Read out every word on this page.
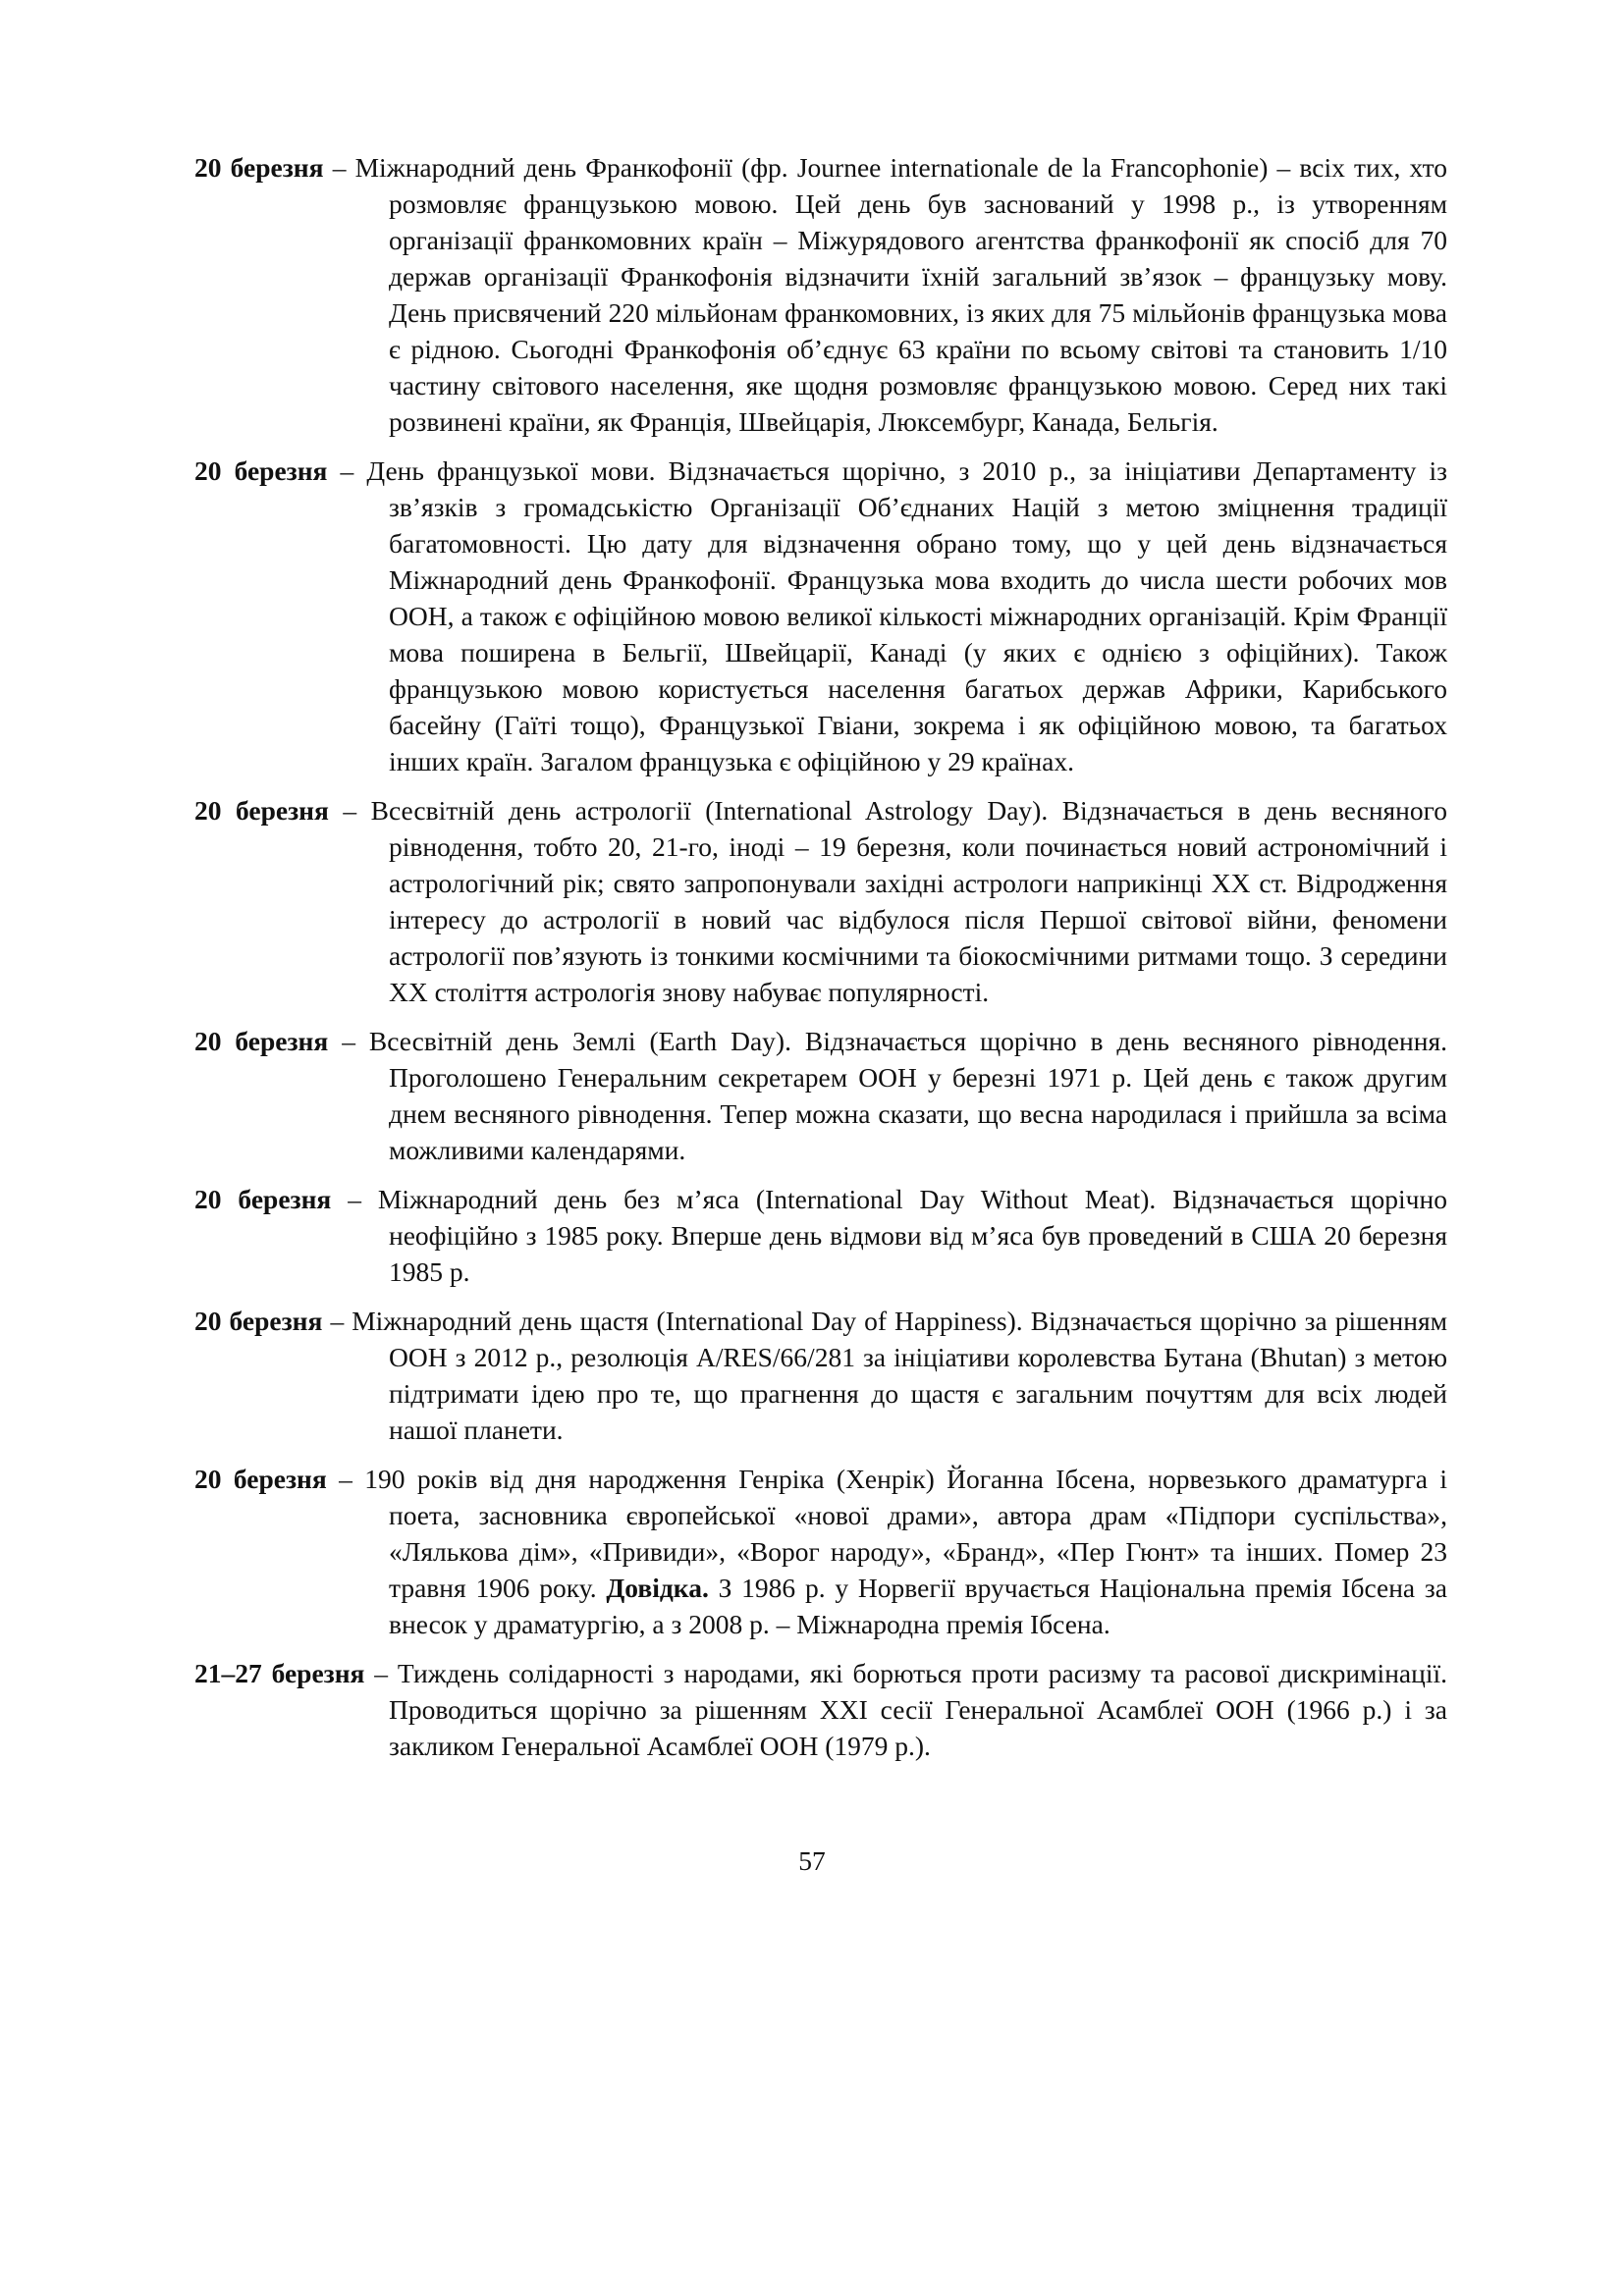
20 березня – Міжнародний день Франкофонії (фр. Journee internationale de la Francophonie) – всіх тих, хто розмовляє французькою мовою. Цей день був заснований у 1998 р., із утворенням організації франкомовних країн – Міжурядового агентства франкофонії як спосіб для 70 держав організації Франкофонія відзначити їхній загальний зв’язок – французьку мову. День присвячений 220 мільйонам франкомовних, із яких для 75 мільйонів французька мова є рідною. Сьогодні Франкофонія об’єднує 63 країни по всьому світові та становить 1/10 частину світового населення, яке щодня розмовляє французькою мовою. Серед них такі розвинені країни, як Франція, Швейцарія, Люксембург, Канада, Бельгія.

20 березня – День французької мови. Відзначається щорічно, з 2010 р., за ініціативи Департаменту із зв’язків з громадськістю Організації Об’єднаних Націй з метою зміцнення традиції багатомовності. Цю дату для відзначення обрано тому, що у цей день відзначається Міжнародний день Франкофонії. Французька мова входить до числа шести робочих мов ООН, а також є офіційною мовою великої кількості міжнародних організацій. Крім Франції мова поширена в Бельгії, Швейцарії, Канаді (у яких є однією з офіційних). Також французькою мовою користується населення багатьох держав Африки, Карибського басейну (Гаїті тощо), Французької Гвіани, зокрема і як офіційною мовою, та багатьох інших країн. Загалом французька є офіційною у 29 країнах.

20 березня – Всесвітній день астрології (International Astrology Day). Відзначається в день весняного рівнодення, тобто 20, 21-го, іноді – 19 березня, коли починається новий астрономічний і астрологічний рік; свято запропонували західні астрологи наприкінці XX ст. Відродження інтересу до астрології в новий час відбулося після Першої світової війни, феномени астрології пов’язують із тонкими космічними та біокосмічними ритмами тощо. З середини XX століття астрологія знову набуває популярності.

20 березня – Всесвітній день Землі (Earth Day). Відзначається щорічно в день весняного рівнодення. Проголошено Генеральним секретарем ООН у березні 1971 р. Цей день є також другим днем весняного рівнодення. Тепер можна сказати, що весна народилася і прийшла за всіма можливими календарями.

20 березня – Міжнародний день без м’яса (International Day Without Meat). Відзначається щорічно неофіційно з 1985 року. Вперше день відмови від м’яса був проведений в США 20 березня 1985 р.

20 березня – Міжнародний день щастя (International Day of Happiness). Відзначається щорічно за рішенням ООН з 2012 р., резолюція A/RES/66/281 за ініціативи королевства Бутана (Bhutan) з метою підтримати ідею про те, що прагнення до щастя є загальним почуттям для всіх людей нашої планети.

20 березня – 190 років від дня народження Генріка (Хенрік) Йоганна Ібсена, норвезького драматурга і поета, засновника європейської «нової драми», автора драм «Підпори суспільства», «Лялькова дім», «Привиди», «Ворог народу», «Бранд», «Пер Гюнт» та інших. Помер 23 травня 1906 року. Довідка. З 1986 р. у Норвегії вручається Національна премія Ібсена за внесок у драматургію, а з 2008 р. – Міжнародна премія Ібсена.

21–27 березня – Тиждень солідарності з народами, які борються проти расизму та расової дискримінації. Проводиться щорічно за рішенням XXI сесії Генеральної Асамблеї ООН (1966 р.) і за закликом Генеральної Асамблеї ООН (1979 р.).

57
